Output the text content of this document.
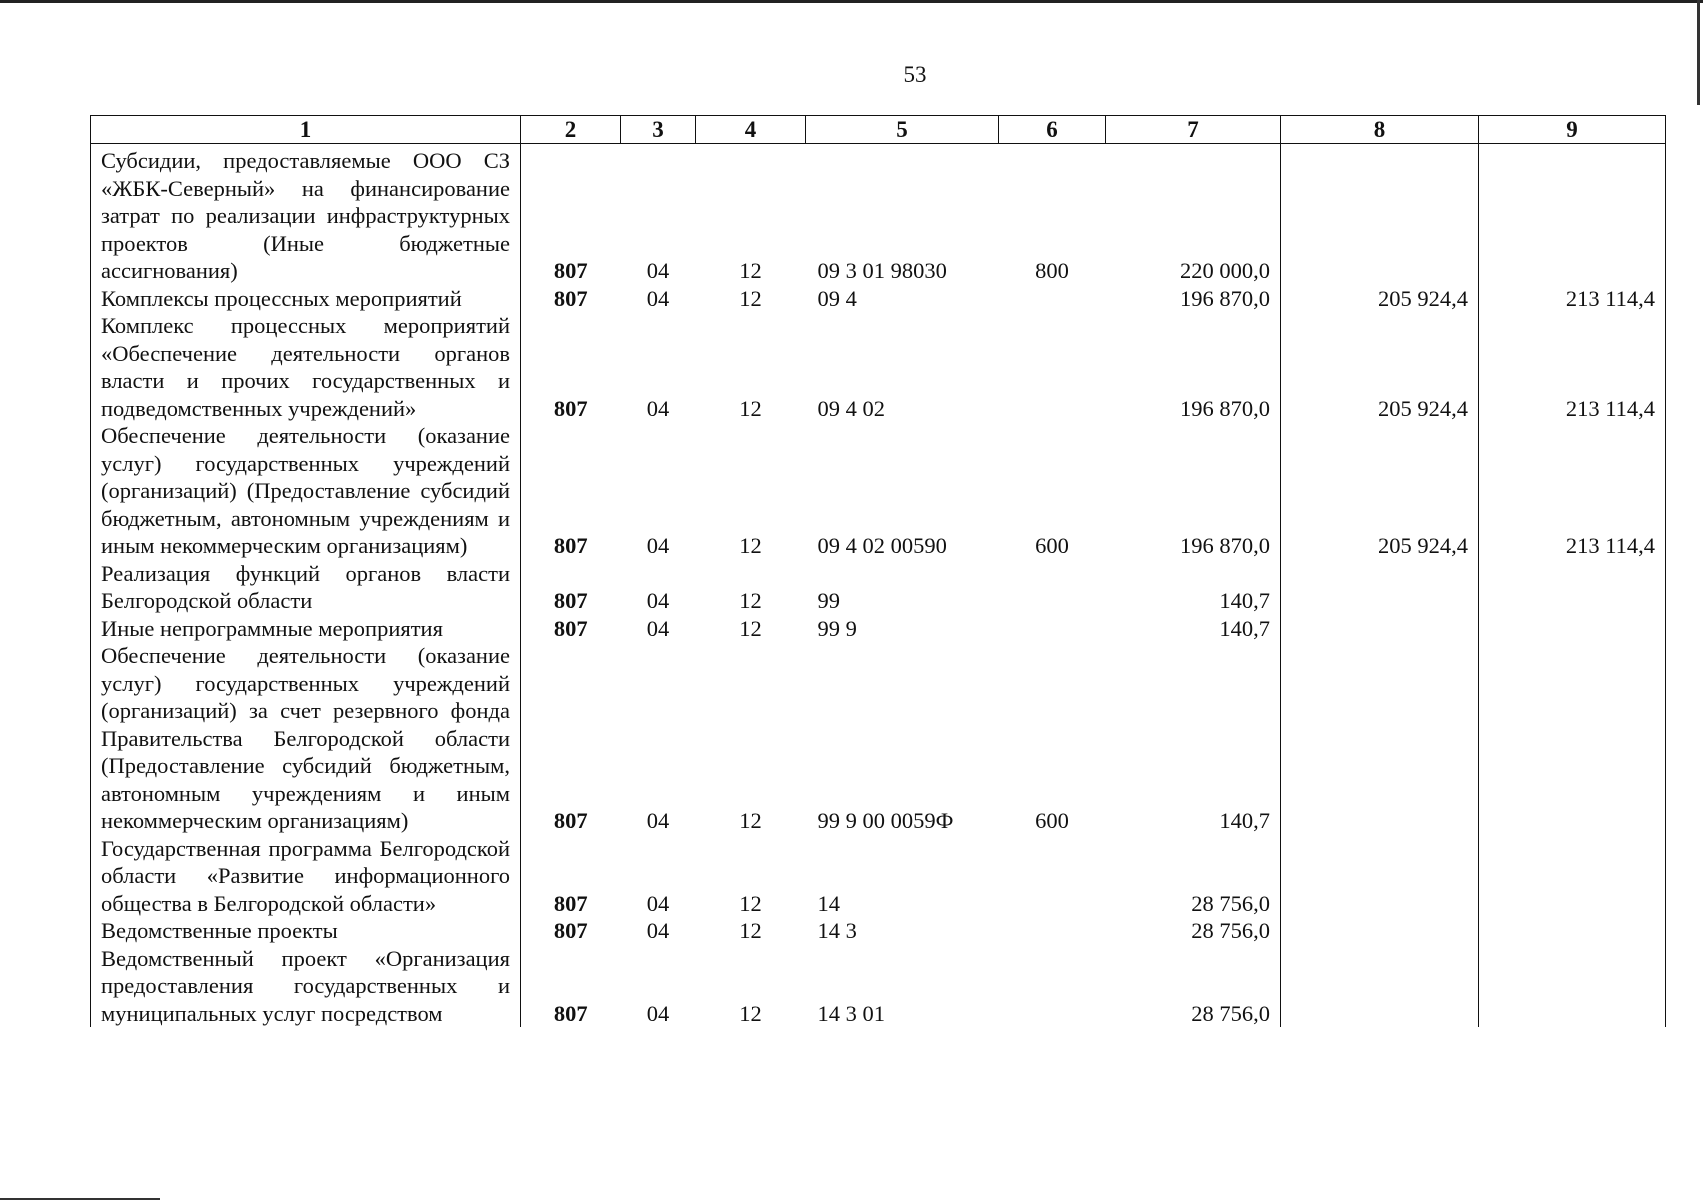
53
1	2	3	4	5	6	7	8	9
Субсидии, предоставляемые ООО СЗ «ЖБК-Северный» на финансирование затрат по реализации инфраструктурных проектов (Иные бюджетные ассигнования)	807	04	12	09 3 01 98030	800	220 000,0		
Комплексы процессных мероприятий	807	04	12	09 4		196 870,0	205 924,4	213 114,4
Комплекс процессных мероприятий «Обеспечение деятельности органов власти и прочих государственных и подведомственных учреждений»	807	04	12	09 4 02		196 870,0	205 924,4	213 114,4
Обеспечение деятельности (оказание услуг) государственных учреждений (организаций) (Предоставление субсидий бюджетным, автономным учреждениям и иным некоммерческим организациям)	807	04	12	09 4 02 00590	600	196 870,0	205 924,4	213 114,4
Реализация функций органов власти Белгородской области	807	04	12	99		140,7		
Иные непрограммные мероприятия	807	04	12	99 9		140,7		
Обеспечение деятельности (оказание услуг) государственных учреждений (организаций) за счет резервного фонда Правительства Белгородской области (Предоставление субсидий бюджетным, автономным учреждениям и иным некоммерческим организациям)	807	04	12	99 9 00 0059Ф	600	140,7		
Государственная программа Белгородской области «Развитие информационного общества в Белгородской области»	807	04	12	14		28 756,0		
Ведомственные проекты	807	04	12	14 3		28 756,0		
Ведомственный проект «Организация предоставления государственных и муниципальных услуг посредством	807	04	12	14 3 01		28 756,0		
